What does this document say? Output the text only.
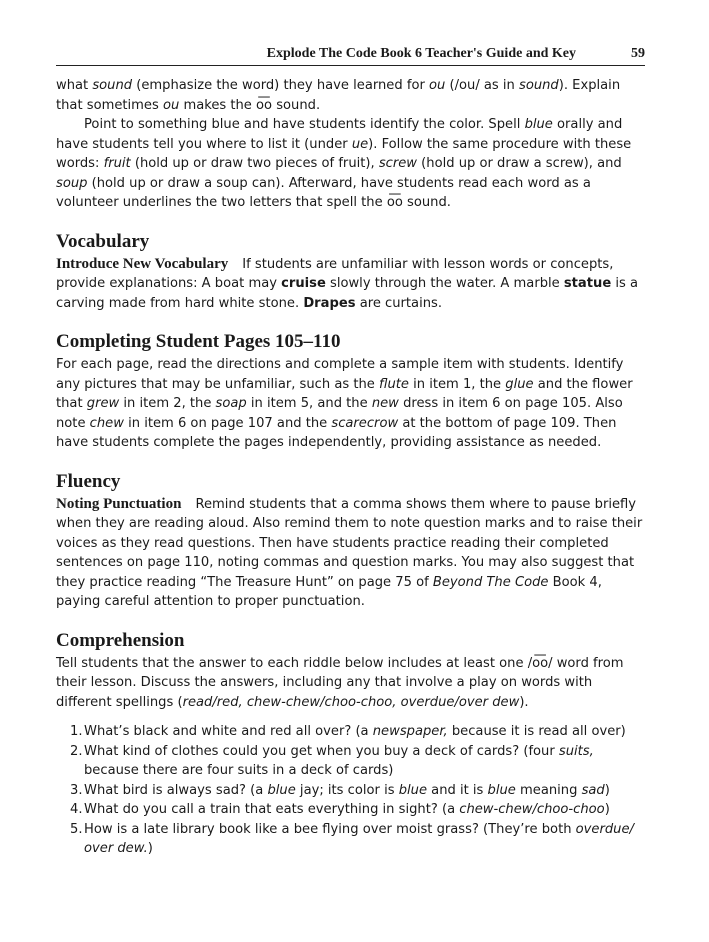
Explode The Code Book 6 Teacher's Guide and Key	59

what sound (emphasize the word) they have learned for ou (/ou/ as in sound). Explain that sometimes ou makes the o͞o sound.

Point to something blue and have students identify the color. Spell blue orally and have students tell you where to list it (under ue). Follow the same procedure with these words: fruit (hold up or draw two pieces of fruit), screw (hold up or draw a screw), and soup (hold up or draw a soup can). Afterward, have students read each word as a volunteer underlines the two letters that spell the o͞o sound.

Vocabulary

Introduce New Vocabulary If students are unfamiliar with lesson words or concepts, provide explanations: A boat may cruise slowly through the water. A marble statue is a carving made from hard white stone. Drapes are curtains.

Completing Student Pages 105–110

For each page, read the directions and complete a sample item with students. Identify any pictures that may be unfamiliar, such as the flute in item 1, the glue and the flower that grew in item 2, the soap in item 5, and the new dress in item 6 on page 105. Also note chew in item 6 on page 107 and the scarecrow at the bottom of page 109. Then have students complete the pages independently, providing assistance as needed.

Fluency

Noting Punctuation Remind students that a comma shows them where to pause briefly when they are reading aloud. Also remind them to note question marks and to raise their voices as they read questions. Then have students practice reading their completed sentences on page 110, noting commas and question marks. You may also suggest that they practice reading “The Treasure Hunt” on page 75 of Beyond The Code Book 4, paying careful attention to proper punctuation.

Comprehension

Tell students that the answer to each riddle below includes at least one /o͞o/ word from their lesson. Discuss the answers, including any that involve a play on words with different spellings (read/red, chew-chew/choo-choo, overdue/over dew).

1. What’s black and white and red all over? (a newspaper, because it is read all over)
2. What kind of clothes could you get when you buy a deck of cards? (four suits, because there are four suits in a deck of cards)
3. What bird is always sad? (a blue jay; its color is blue and it is blue meaning sad)
4. What do you call a train that eats everything in sight? (a chew-chew/choo-choo)
5. How is a late library book like a bee flying over moist grass? (They’re both overdue/ over dew.)
